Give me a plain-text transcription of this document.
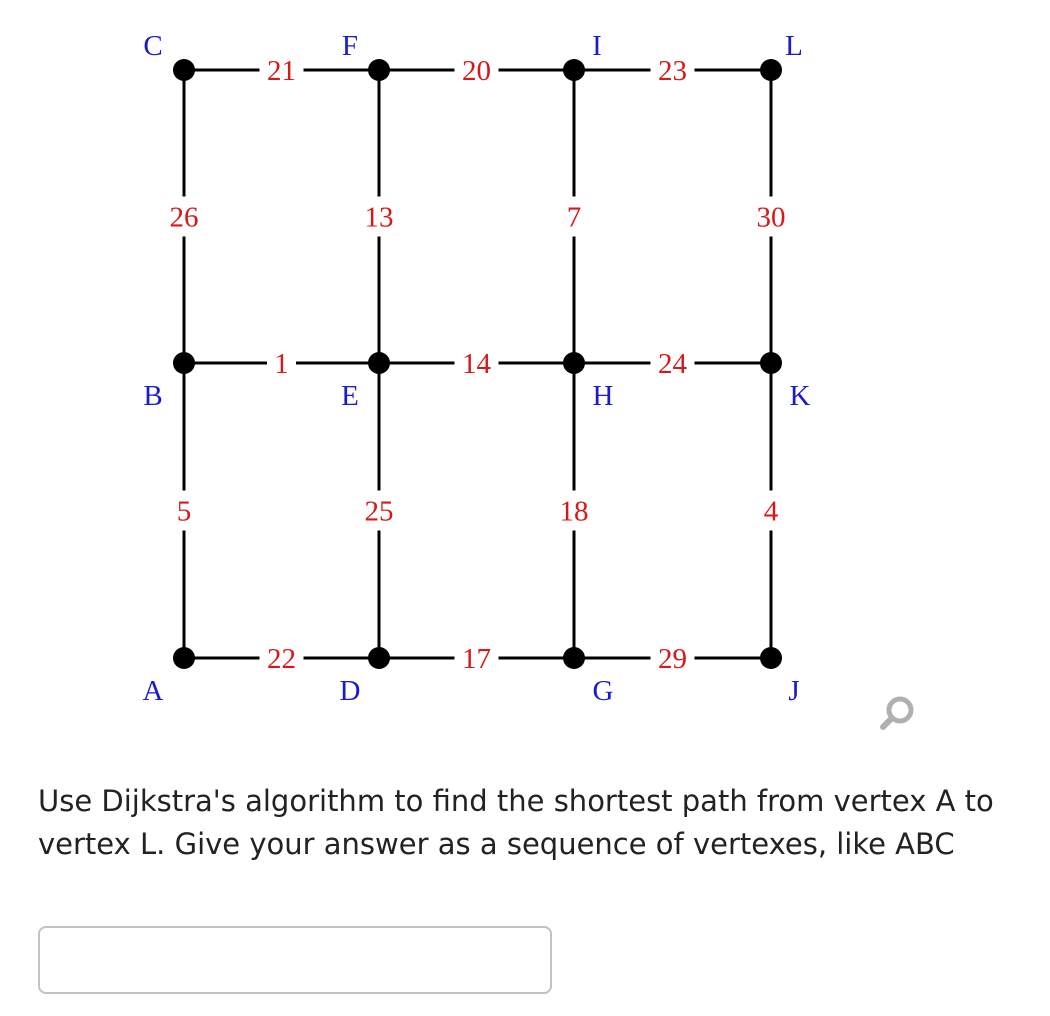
21	20	23
1	14	24
22	17	29
26	13	7	30
5	25	18	4
A
B
C
D
E
F
G
H
I
J
K
L

Use Dijkstra's algorithm to find the shortest path from vertex A to vertex L. Give your answer as a sequence of vertexes, like ABC
